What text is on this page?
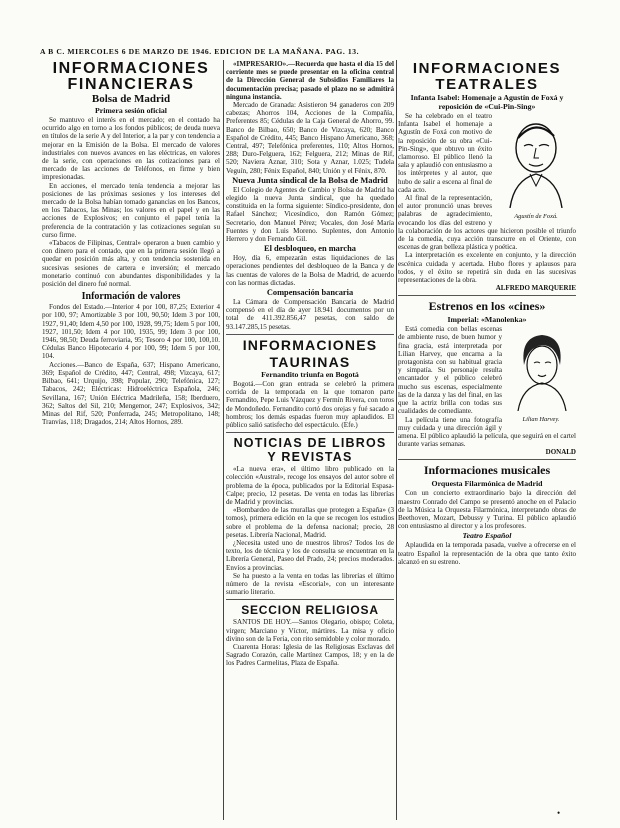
A B C. MIERCOLES 6 DE MARZO DE 1946. EDICION DE LA MAÑANA. PAG. 13.
INFORMACIONES
FINANCIERAS
Bolsa de Madrid
Primera sesión oficial

Se mantuvo el interés en el mercado; en el contado ha ocurrido algo en torno a los fondos públicos; de deuda nueva en títulos de la serie A y del Interior, a la par y con tendencia a mejorar en la Emisión de la Bolsa. El mercado de valores industriales con nuevos avances en las eléctricas, en valores de la serie, con operaciones en las cotizaciones para el mercado de las acciones de Teléfonos, en firme y bien impresionadas.

En acciones, el mercado tenía tendencia a mejorar las posiciones de las próximas sesiones y los intereses del mercado de la Bolsa habían tomado ganancias en los Bancos, en los Tabacos, las Minas; los valores en el papel y en las acciones de Explosivos; en conjunto el papel tenía la preferencia de la contratación y las cotizaciones seguían su curso firme.

«Tabacos de Filipinas, Central» operaron a buen cambio y con dinero para el contado, que en la primera sesión llegó a quedar en posición más alta, y con tendencia sostenida en sucesivas sesiones de cartera e inversión; el mercado monetario continuó con abundantes disponibilidades y la posición del dinero fué normal.

Información de valores

Fondos del Estado.—Interior 4 por 100, 87,25; Exterior 4 por 100, 97; Amortizable 3 por 100, 90,50; Idem 3 por 100, 1927, 91,40; Idem 4,50 por 100, 1928, 99,75; Idem 5 por 100, 1927, 101,50; Idem 4 por 100, 1935, 99; Idem 3 por 100, 1946, 98,50; Deuda ferroviaria, 95; Tesoro 4 por 100, 100,10. Cédulas Banco Hipotecario 4 por 100, 99; Idem 5 por 100, 104.

Acciones.—Banco de España, 637; Hispano Americano, 369; Español de Crédito, 447; Central, 498; Vizcaya, 617; Bilbao, 641; Urquijo, 398; Popular, 290; Telefónica, 127; Tabacos, 242; Eléctricas: Hidroeléctrica Española, 246; Sevillana, 167; Unión Eléctrica Madrileña, 158; Iberduero, 362; Saltos del Sil, 210; Mengemor, 247; Explosivos, 342; Minas del Rif, 520; Ponferrada, 245; Metropolitano, 148; Tranvías, 118; Dragados, 214; Altos Hornos, 289.

«IMPRESARIO».—Recuerda que hasta el día 15 del corriente mes se puede presentar en la oficina central de la Dirección General de Subsidios Familiares la documentación precisa; pasado el plazo no se admitirá ninguna instancia.

Mercado de Granada: Asistieron 94 ganaderos con 209 cabezas; Ahorros 104, Acciones de la Compañía, Preferentes 85; Cédulas de la Caja General de Ahorro, 99. Banco de Bilbao, 650; Banco de Vizcaya, 620; Banco Español de Crédito, 445; Banco Hispano Americano, 368; Central, 497; Telefónica preferentes, 110; Altos Hornos, 288; Duro-Felguera, 162; Felguera, 212; Minas de Rif, 520; Naviera Aznar, 310; Sota y Aznar, 1.025; Tudela Veguín, 280; Fénix Español, 840; Unión y el Fénix, 870.

Nueva Junta sindical de la Bolsa de Madrid

El Colegio de Agentes de Cambio y Bolsa de Madrid ha elegido la nueva Junta sindical, que ha quedado constituida en la forma siguiente: Síndico-presidente, don Rafael Sánchez; Vicesíndico, don Ramón Gómez; Secretario, don Manuel Pérez; Vocales, don José María Fuentes y don Luis Moreno. Suplentes, don Antonio Herrero y don Fernando Gil.

El desbloqueo, en marcha

Hoy, día 6, empezarán estas liquidaciones de las operaciones pendientes del desbloqueo de la Banca y de las cuentas de valores de la Bolsa de Madrid, de acuerdo con las normas dictadas.

Compensación bancaria

La Cámara de Compensación Bancaria de Madrid compensó en el día de ayer 18.941 documentos por un total de 411.392.856,47 pesetas, con saldo de 93.147.285,15 pesetas.

INFORMACIONES
TAURINAS
Fernandito triunfa en Bogotá

Bogotá.—Con gran entrada se celebró la primera corrida de la temporada en la que tomaron parte Fernandito, Pepe Luis Vázquez y Fermín Rivera, con toros de Mondoñedo. Fernandito cortó dos orejas y fué sacado a hombros; los demás espadas fueron muy aplaudidos. El público salió satisfecho del espectáculo. (Efe.)

NOTICIAS DE LIBROS
Y REVISTAS

«La nueva era», el último libro publicado en la colección «Austral», recoge los ensayos del autor sobre el problema de la época, publicados por la Editorial Espasa-Calpe; precio, 12 pesetas. De venta en todas las librerías de Madrid y provincias.

«Bombardeo de las murallas que protegen a España» (3 tomos), primera edición en la que se recogen los estudios sobre el problema de la defensa nacional; precio, 28 pesetas. Librería Nacional, Madrid.

¿Necesita usted uno de nuestros libros? Todos los de texto, los de técnica y los de consulta se encuentran en la Librería General, Paseo del Prado, 24; precios moderados. Envíos a provincias.

Se ha puesto a la venta en todas las librerías el último número de la revista «Escorial», con un interesante sumario literario.

SECCION RELIGIOSA

SANTOS DE HOY.—Santos Olegario, obispo; Coleta, virgen; Marciano y Víctor, mártires. La misa y oficio divino son de la Feria, con rito semidoble y color morado.

Cuarenta Horas: Iglesia de las Religiosas Esclavas del Sagrado Corazón, calle Martínez Campos, 18; y en la de los Padres Carmelitas, Plaza de España.

INFORMACIONES
TEATRALES
Infanta Isabel: Homenaje a Agustín de Foxá y reposición de «Cui-Pin-Sing»
Agustín de Foxá.

Se ha celebrado en el teatro Infanta Isabel el homenaje a Agustín de Foxá con motivo de la reposición de su obra «Cui-Pin-Sing», que obtuvo un éxito clamoroso. El público llenó la sala y aplaudió con entusiasmo a los intérpretes y al autor, que hubo de salir a escena al final de cada acto.

Al final de la representación, el autor pronunció unas breves palabras de agradecimiento, evocando los días del estreno y la colaboración de los actores que hicieron posible el triunfo de la comedia, cuya acción transcurre en el Oriente, con escenas de gran belleza plástica y poética.

La interpretación es excelente en conjunto, y la dirección escénica cuidada y acertada. Hubo flores y aplausos para todos, y el éxito se repetirá sin duda en las sucesivas representaciones de la obra.

ALFREDO MARQUERIE
Estrenos en los «cines»
Imperial: «Manolenka»
Lilian Harvey.

Está comedia con bellas escenas de ambiente ruso, de buen humor y fina gracia, está interpretada por Lilian Harvey, que encarna a la protagonista con su habitual gracia y simpatía. Su personaje resulta encantador y el público celebró mucho sus escenas, especialmente las de la danza y las del final, en las que la actriz brilla con todas sus cualidades de comediante.

La película tiene una fotografía muy cuidada y una dirección ágil y amena. El público aplaudió la película, que seguirá en el cartel durante varias semanas.

DONALD
Informaciones musicales
Orquesta Filarmónica de Madrid

Con un concierto extraordinario bajo la dirección del maestro Conrado del Campo se presentó anoche en el Palacio de la Música la Orquesta Filarmónica, interpretando obras de Beethoven, Mozart, Debussy y Turina. El público aplaudió con entusiasmo al director y a los profesores.

Teatro Español

Aplaudida en la temporada pasada, vuelve a ofrecerse en el teatro Español la representación de la obra que tanto éxito alcanzó en su estreno.

•
